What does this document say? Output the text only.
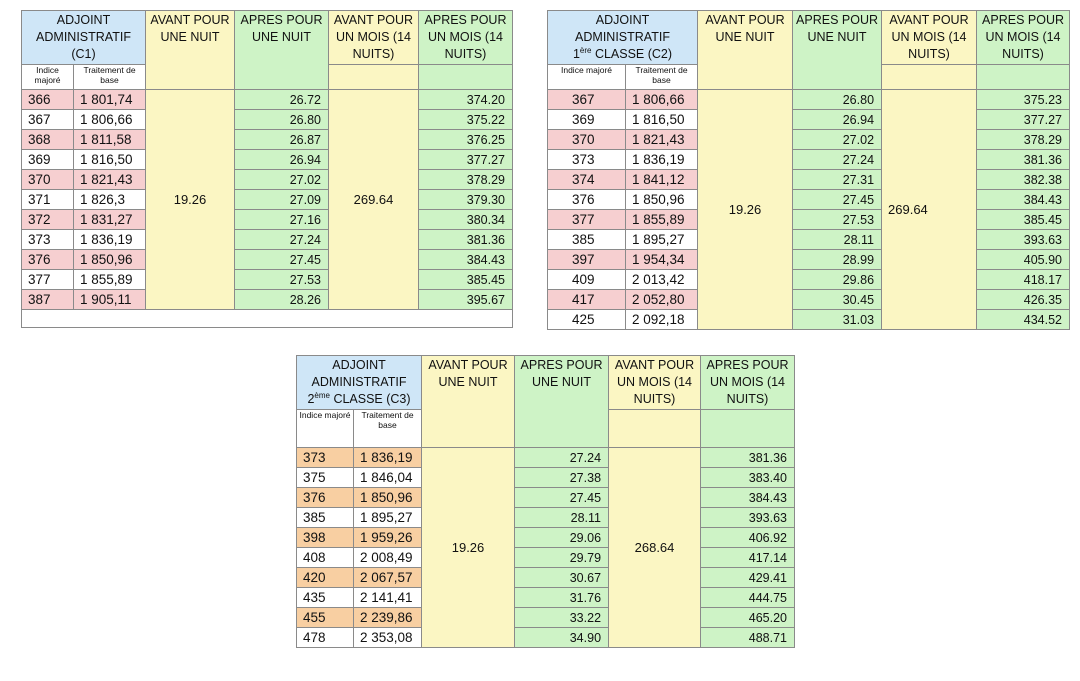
ADJOINT
ADMINISTRATIF
(C1)		AVANT POUR UNE NUIT	APRES POUR UNE NUIT	AVANT POUR UN MOIS (14 NUITS)	APRES POUR UN MOIS (14 NUITS)
Indice majoré	Traitement de base				
366	1 801,74	19.26	26.72	269.64	374.20
367	1 806,66		26.80		375.22
368	1 811,58		26.87		376.25
369	1 816,50		26.94		377.27
370	1 821,43		27.02		378.29
371	1 826,3		27.09		379.30
372	1 831,27		27.16		380.34
373	1 836,19		27.24		381.36
376	1 850,96		27.45		384.43
377	1 855,89		27.53		385.45
387	1 905,11		28.26		395.67

ADJOINT
ADMINISTRATIF
1ère CLASSE (C2)		AVANT POUR UNE NUIT	APRES POUR UNE NUIT	AVANT POUR UN MOIS (14 NUITS)	APRES POUR UN MOIS (14 NUITS)
Indice majoré	Traitement de base				
367	1 806,66	19.26	26.80	269.64	375.23
369	1 816,50		26.94		377.27
370	1 821,43		27.02		378.29
373	1 836,19		27.24		381.36
374	1 841,12		27.31		382.38
376	1 850,96		27.45		384.43
377	1 855,89		27.53		385.45
385	1 895,27		28.11		393.63
397	1 954,34		28.99		405.90
409	2 013,42		29.86		418.17
417	2 052,80		30.45		426.35
425	2 092,18		31.03		434.52
ADJOINT
ADMINISTRATIF
2ème CLASSE (C3)		AVANT POUR UNE NUIT	APRES POUR UNE NUIT	AVANT POUR UN MOIS (14 NUITS)	APRES POUR UN MOIS (14 NUITS)
Indice majoré	Traitement de base				
373	1 836,19	19.26	27.24	268.64	381.36
375	1 846,04		27.38		383.40
376	1 850,96		27.45		384.43
385	1 895,27		28.11		393.63
398	1 959,26		29.06		406.92
408	2 008,49		29.79		417.14
420	2 067,57		30.67		429.41
435	2 141,41		31.76		444.75
455	2 239,86		33.22		465.20
478	2 353,08		34.90		488.71
